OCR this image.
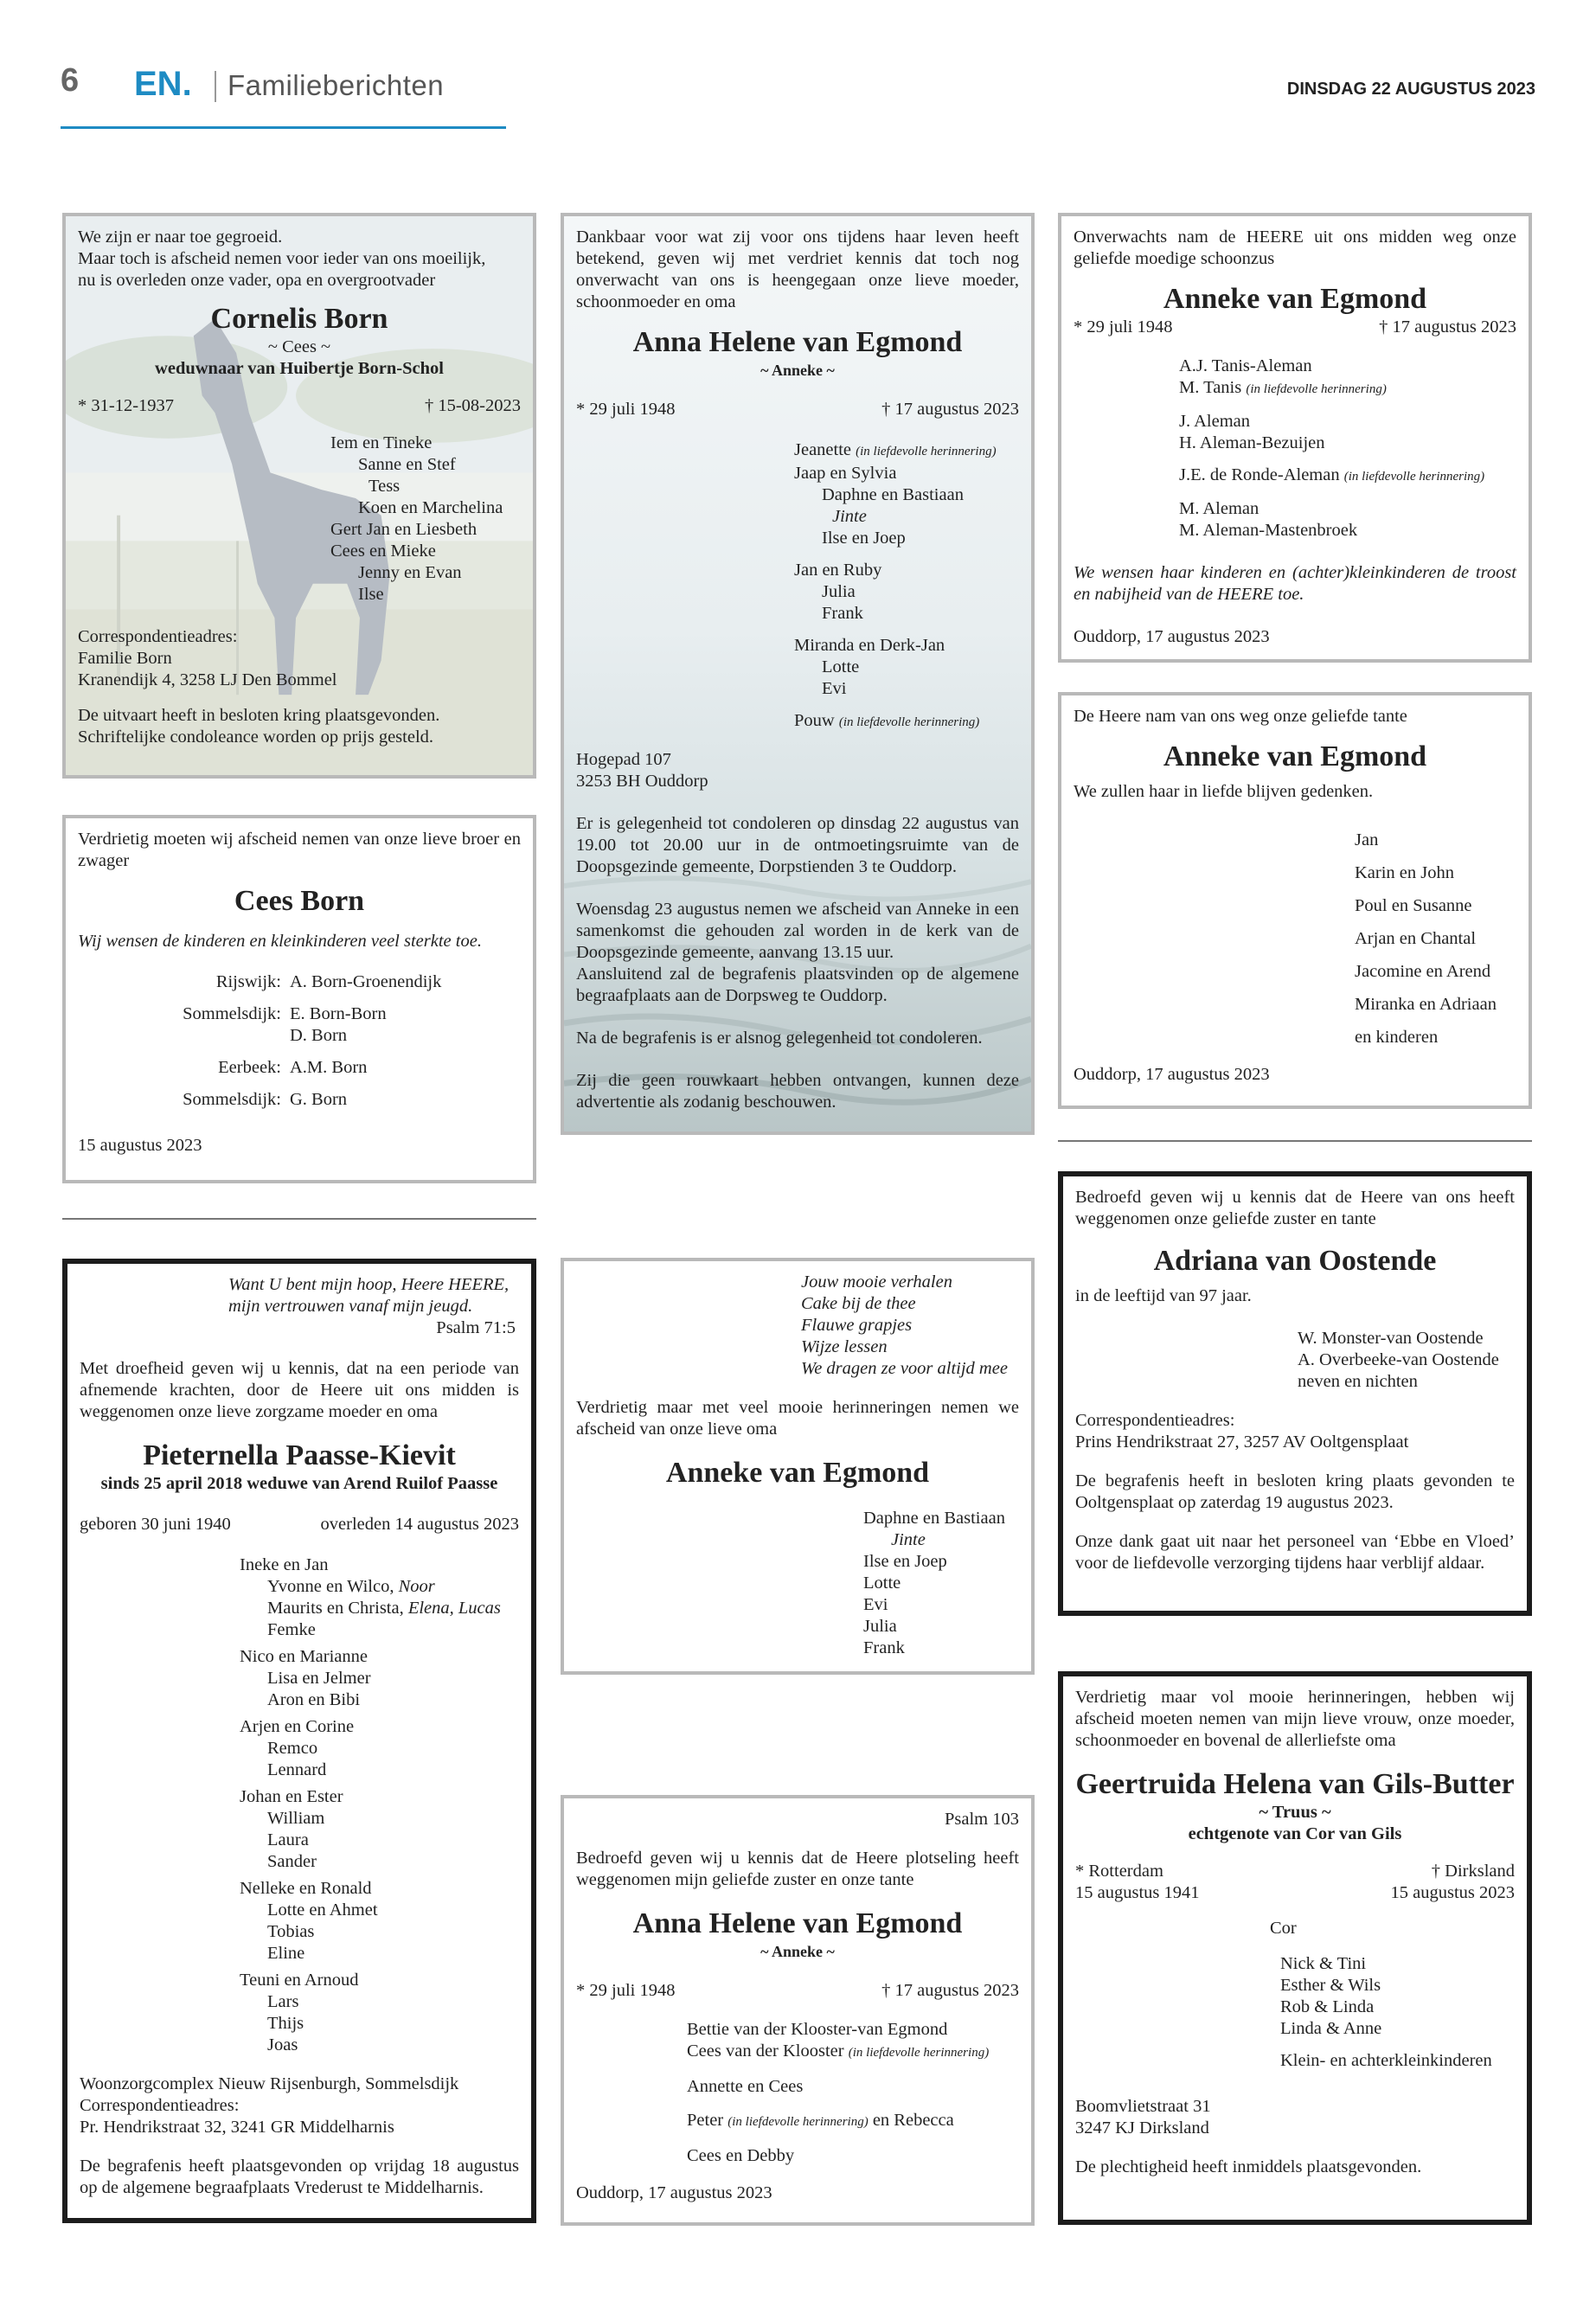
6 EN. Familieberichten	DINSDAG 22 AUGUSTUS 2023

We zijn er naar toe gegroeid.

Maar toch is afscheid nemen voor ieder van ons moeilijk,

nu is overleden onze vader, opa en overgrootvader

Cornelis Born

~ Cees ~

weduwnaar van Huibertje Born-Schol

* 31-12-1937	† 15-08-2023

Iem en Tineke

Sanne en Stef

Tess

Koen en Marchelina

Gert Jan en Liesbeth

Cees en Mieke

Jenny en Evan

Ilse

Correspondentieadres:

Familie Born

Kranendijk 4, 3258 LJ Den Bommel

De uitvaart heeft in besloten kring plaatsgevonden.

Schriftelijke condoleance worden op prijs gesteld.

Verdrietig moeten wij afscheid nemen van onze lieve broer en zwager

Cees Born

Wij wensen de kinderen en kleinkinderen veel sterkte toe.

Rijswijk: A. Born-Groenendijk
Sommelsdijk: E. Born-Born
D. Born
Eerbeek: A.M. Born
Sommelsdijk: G. Born

15 augustus 2023

Dankbaar voor wat zij voor ons tijdens haar leven heeft betekend, geven wij met verdriet kennis dat toch nog onverwacht van ons is heengegaan onze lieve moeder, schoonmoeder en oma

Anna Helene van Egmond

~ Anneke ~

* 29 juli 1948	† 17 augustus 2023

Jeanette (in liefdevolle herinnering)

Jaap en Sylvia

Daphne en Bastiaan

Jinte

Ilse en Joep

Jan en Ruby

Julia

Frank

Miranda en Derk-Jan

Lotte

Evi

Pouw (in liefdevolle herinnering)

Hogepad 107

3253 BH Ouddorp

Er is gelegenheid tot condoleren op dinsdag 22 augustus van 19.00 tot 20.00 uur in de ontmoetingsruimte van de Doopsgezinde gemeente, Dorpstienden 3 te Ouddorp.

Woensdag 23 augustus nemen we afscheid van Anneke in een samenkomst die gehouden zal worden in de kerk van de Doopsgezinde gemeente, aanvang 13.15 uur.

Aansluitend zal de begrafenis plaatsvinden op de algemene begraafplaats aan de Dorpsweg te Ouddorp.

Na de begrafenis is er alsnog gelegenheid tot condoleren.

Zij die geen rouwkaart hebben ontvangen, kunnen deze advertentie als zodanig beschouwen.

Onverwachts nam de HEERE uit ons midden weg onze geliefde moedige schoonzus

Anneke van Egmond

* 29 juli 1948	† 17 augustus 2023

A.J. Tanis-Aleman

M. Tanis (in liefdevolle herinnering)

J. Aleman

H. Aleman-Bezuijen

J.E. de Ronde-Aleman (in liefdevolle herinnering)

M. Aleman

M. Aleman-Mastenbroek

We wensen haar kinderen en (achter)kleinkinderen de troost en nabijheid van de HEERE toe.

Ouddorp, 17 augustus 2023

De Heere nam van ons weg onze geliefde tante

Anneke van Egmond

We zullen haar in liefde blijven gedenken.

Jan

Karin en John

Poul en Susanne

Arjan en Chantal

Jacomine en Arend

Miranka en Adriaan

en kinderen

Ouddorp, 17 augustus 2023

Want U bent mijn hoop, Heere HEERE,

mijn vertrouwen vanaf mijn jeugd.

Psalm 71:5

Met droefheid geven wij u kennis, dat na een periode van afnemende krachten, door de Heere uit ons midden is weggenomen onze lieve zorgzame moeder en oma

Pieternella Paasse-Kievit

sinds 25 april 2018 weduwe van Arend Ruilof Paasse

geboren 30 juni 1940	overleden 14 augustus 2023

Ineke en Jan

Yvonne en Wilco, Noor

Maurits en Christa, Elena, Lucas

Femke

Nico en Marianne

Lisa en Jelmer

Aron en Bibi

Arjen en Corine

Remco

Lennard

Johan en Ester

William

Laura

Sander

Nelleke en Ronald

Lotte en Ahmet

Tobias

Eline

Teuni en Arnoud

Lars

Thijs

Joas

Woonzorgcomplex Nieuw Rijsenburgh, Sommelsdijk

Correspondentieadres:

Pr. Hendrikstraat 32, 3241 GR Middelharnis

De begrafenis heeft plaatsgevonden op vrijdag 18 augustus op de algemene begraafplaats Vrederust te Middelharnis.

Jouw mooie verhalen

Cake bij de thee

Flauwe grapjes

Wijze lessen

We dragen ze voor altijd mee

Verdrietig maar met veel mooie herinneringen nemen we afscheid van onze lieve oma

Anneke van Egmond

Daphne en Bastiaan

Jinte

Ilse en Joep

Lotte

Evi

Julia

Frank

Psalm 103

Bedroefd geven wij u kennis dat de Heere plotseling heeft weggenomen mijn geliefde zuster en onze tante

Anna Helene van Egmond

~ Anneke ~

* 29 juli 1948	† 17 augustus 2023

Bettie van der Klooster-van Egmond

Cees van der Klooster (in liefdevolle herinnering)

Annette en Cees

Peter (in liefdevolle herinnering) en Rebecca

Cees en Debby

Ouddorp, 17 augustus 2023

Bedroefd geven wij u kennis dat de Heere van ons heeft weggenomen onze geliefde zuster en tante

Adriana van Oostende

in de leeftijd van 97 jaar.

W. Monster-van Oostende

A. Overbeeke-van Oostende

neven en nichten

Correspondentieadres:

Prins Hendrikstraat 27, 3257 AV Ooltgensplaat

De begrafenis heeft in besloten kring plaats gevonden te Ooltgensplaat op zaterdag 19 augustus 2023.

Onze dank gaat uit naar het personeel van ‘Ebbe en Vloed’ voor de liefdevolle verzorging tijdens haar verblijf aldaar.

Verdrietig maar vol mooie herinneringen, hebben wij afscheid moeten nemen van mijn lieve vrouw, onze moeder, schoonmoeder en bovenal de allerliefste oma

Geertruida Helena van Gils-Butter

~ Truus ~

echtgenote van Cor van Gils

* Rotterdam	† Dirksland
15 augustus 1941	15 augustus 2023

Cor

Nick & Tini

Esther & Wils

Rob & Linda

Linda & Anne

Klein- en achterkleinkinderen

Boomvlietstraat 31

3247 KJ Dirksland

De plechtigheid heeft inmiddels plaatsgevonden.
